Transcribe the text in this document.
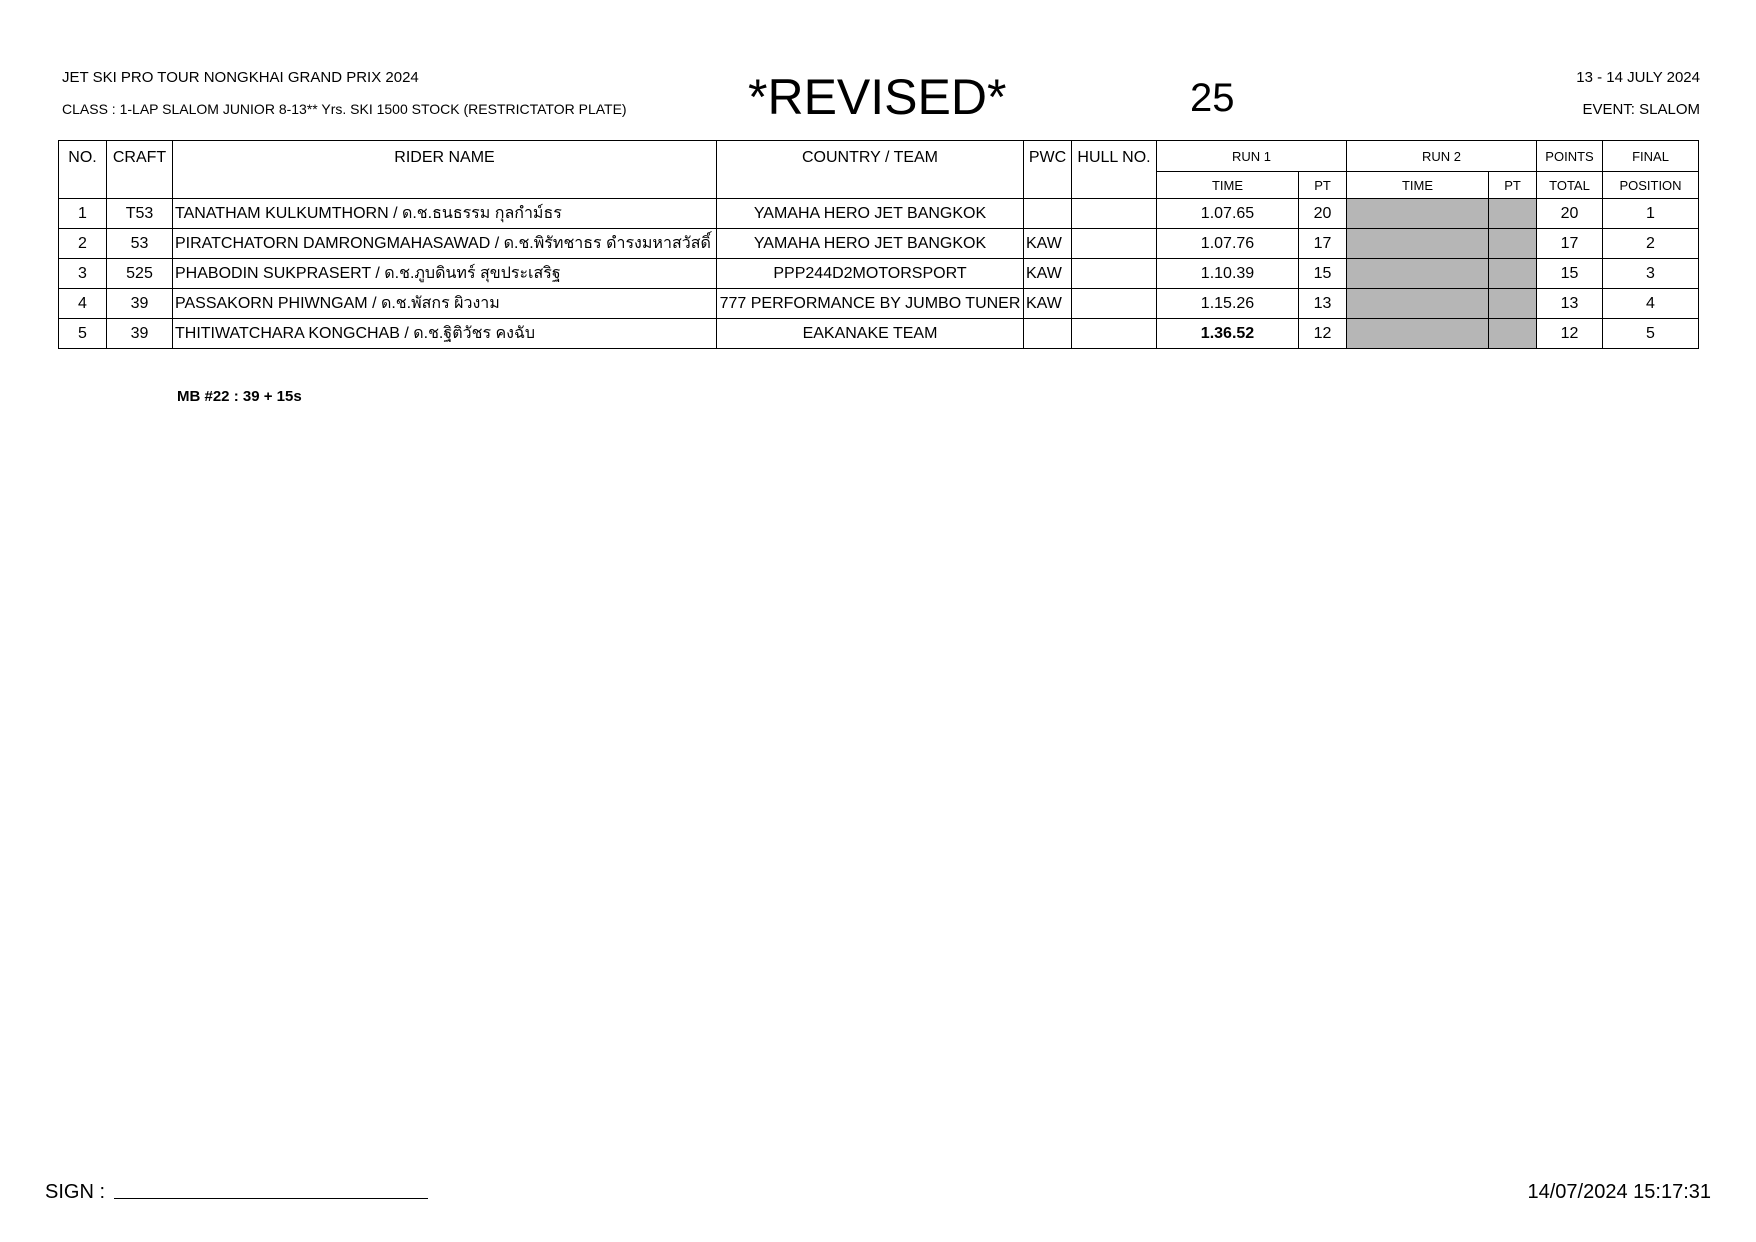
JET SKI PRO TOUR NONGKHAI GRAND PRIX 2024
CLASS : 1-LAP SLALOM JUNIOR 8-13** Yrs. SKI 1500 STOCK (RESTRICTATOR PLATE) *REVISED*	25	13 - 14 JULY 2024
EVENT: SLALOM
NO.	CRAFT	RIDER NAME	COUNTRY / TEAM	PWC	HULL NO.	RUN 1		RUN 2		POINTS	FINAL
						TIME	PT	TIME	PT	TOTAL	POSITION
1	T53	TANATHAM KULKUMTHORN / ด.ช.ธนธรรม กุลกำม์ธร	YAMAHA HERO JET BANGKOK			1.07.65	20			20	1
2	53	PIRATCHATORN DAMRONGMAHASAWAD / ด.ช.พิรัทชาธร ดำรงมหาสวัสดิ์	YAMAHA HERO JET BANGKOK	KAW		1.07.76	17			17	2
3	525	PHABODIN SUKPRASERT / ด.ช.ภูบดินทร์ สุขประเสริฐ	PPP244D2MOTORSPORT	KAW		1.10.39	15			15	3
4	39	PASSAKORN PHIWNGAM / ด.ช.พัสกร ผิวงาม	777 PERFORMANCE BY JUMBO TUNER	KAW		1.15.26	13			13	4
5	39	THITIWATCHARA KONGCHAB / ด.ช.ฐิติวัชร คงฉับ	EAKANAKE TEAM			1.36.52	12			12	5
MB #22 : 39 + 15s
SIGN :	14/07/2024 15:17:31
